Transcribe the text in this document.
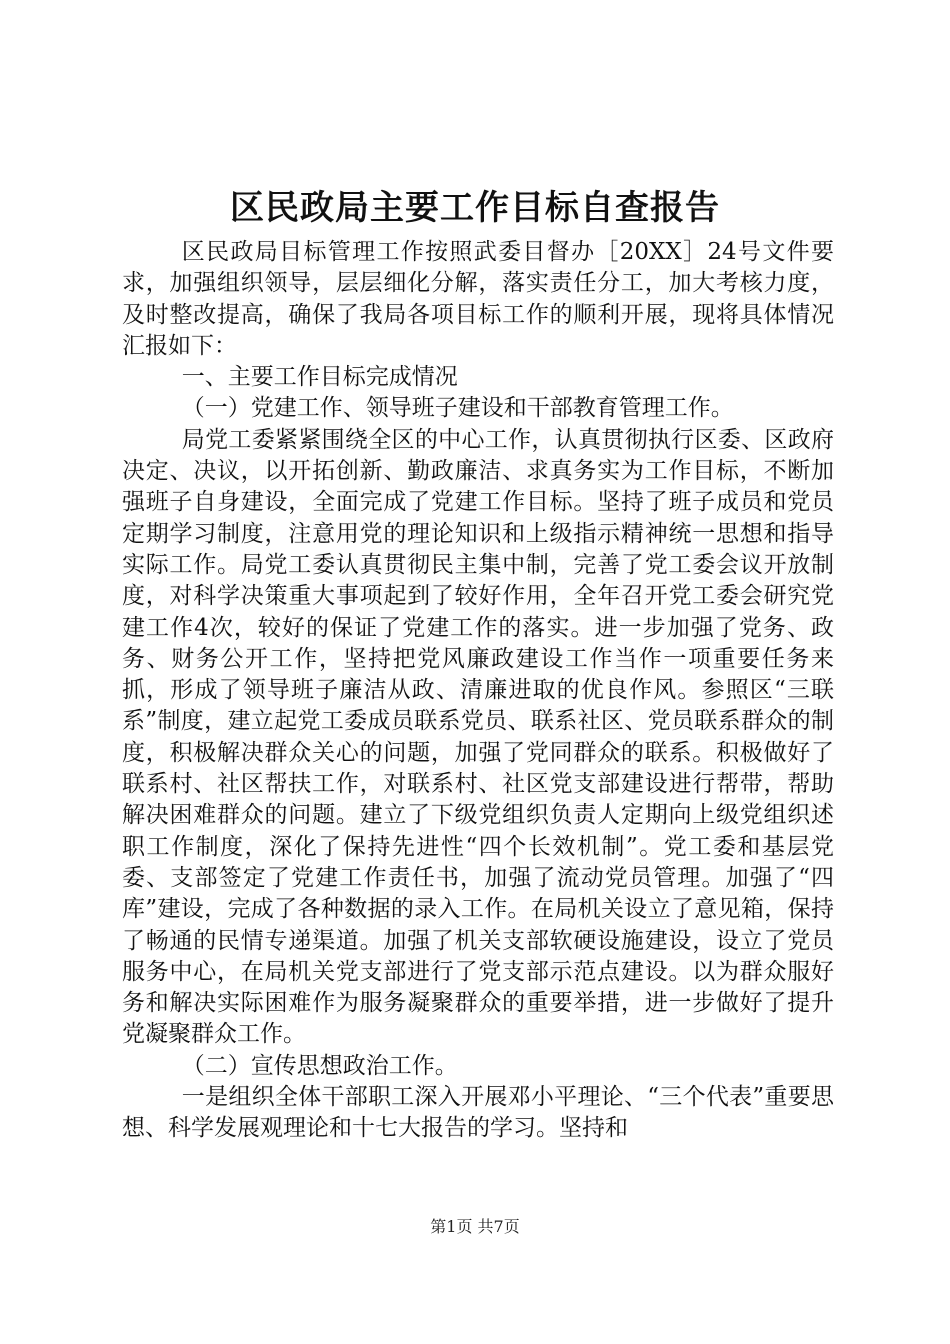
区民政局主要工作目标自查报告

区民政局目标管理工作按照武委目督办［20XX］24号文件要求，加强组织领导，层层细化分解，落实责任分工，加大考核力度，及时整改提高，确保了我局各项目标工作的顺利开展，现将具体情况汇报如下：

一、主要工作目标完成情况

（一）党建工作、领导班子建设和干部教育管理工作。

局党工委紧紧围绕全区的中心工作，认真贯彻执行区委、区政府决定、决议，以开拓创新、勤政廉洁、求真务实为工作目标，不断加强班子自身建设，全面完成了党建工作目标。坚持了班子成员和党员定期学习制度，注意用党的理论知识和上级指示精神统一思想和指导实际工作。局党工委认真贯彻民主集中制，完善了党工委会议开放制度，对科学决策重大事项起到了较好作用，全年召开党工委会研究党建工作4次，较好的保证了党建工作的落实。进一步加强了党务、政务、财务公开工作，坚持把党风廉政建设工作当作一项重要任务来抓，形成了领导班子廉洁从政、清廉进取的优良作风。参照区“三联系”制度，建立起党工委成员联系党员、联系社区、党员联系群众的制度，积极解决群众关心的问题，加强了党同群众的联系。积极做好了联系村、社区帮扶工作，对联系村、社区党支部建设进行帮带，帮助解决困难群众的问题。建立了下级党组织负责人定期向上级党组织述职工作制度，深化了保持先进性“四个长效机制”。党工委和基层党委、支部签定了党建工作责任书，加强了流动党员管理。加强了“四库”建设，完成了各种数据的录入工作。在局机关设立了意见箱，保持了畅通的民情专递渠道。加强了机关支部软硬设施建设，设立了党员服务中心，在局机关党支部进行了党支部示范点建设。以为群众服好务和解决实际困难作为服务凝聚群众的重要举措，进一步做好了提升党凝聚群众工作。

（二）宣传思想政治工作。

一是组织全体干部职工深入开展邓小平理论、“三个代表”重要思想、科学发展观理论和十七大报告的学习。坚持和

第1页 共7页
